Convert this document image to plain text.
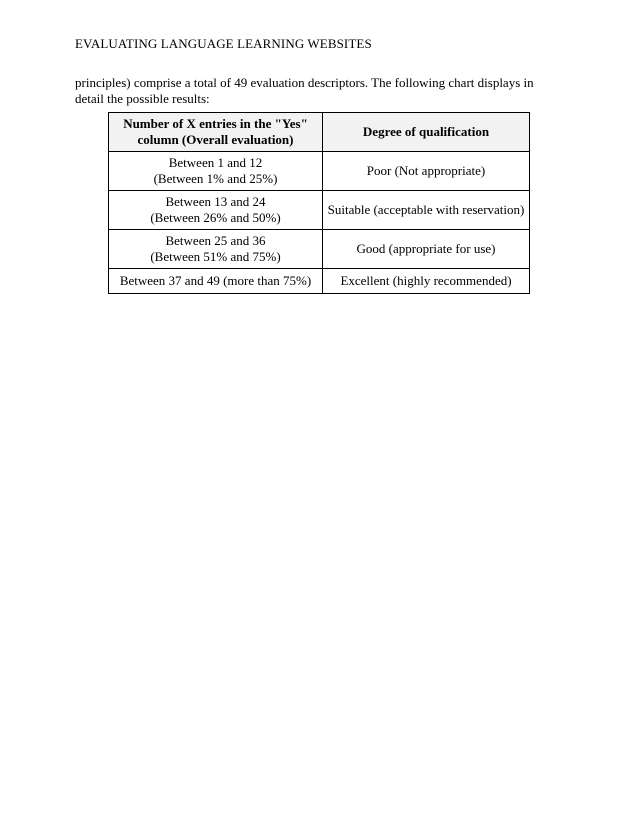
EVALUATING LANGUAGE LEARNING WEBSITES
principles) comprise a total of 49 evaluation descriptors. The following chart displays in detail the possible results:
Number of X entries in the "Yes"
column (Overall evaluation)	Degree of qualification

Between 1 and 12
(Between 1% and 25%)	Poor (Not appropriate)

Between 13 and 24
(Between 26% and 50%)	Suitable (acceptable with reservation)

Between 25 and 36
(Between 51% and 75%)	Good (appropriate for use)
Between 37 and 49 (more than 75%)	Excellent (highly recommended)
